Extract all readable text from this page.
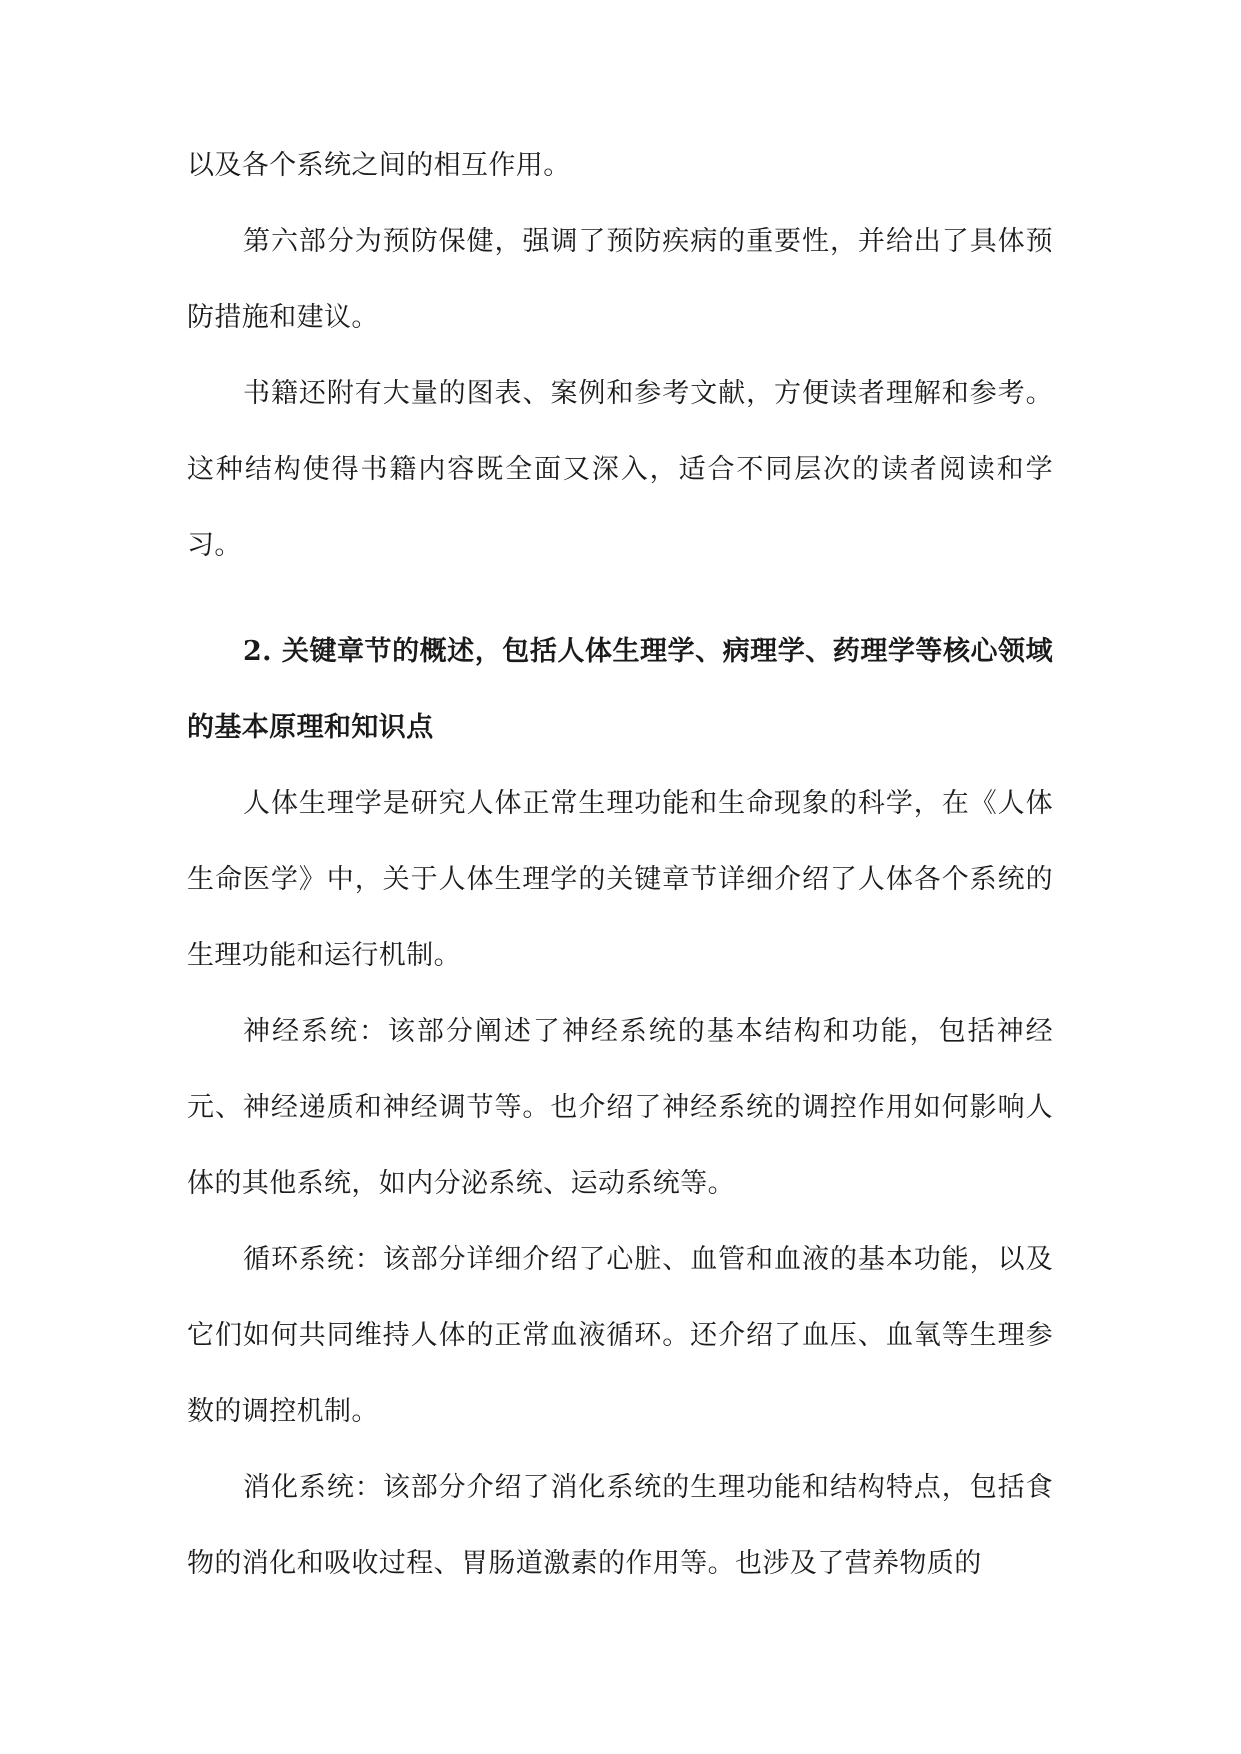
以及各个系统之间的相互作用。

第六部分为预防保健，强调了预防疾病的重要性，并给出了具体预防措施和建议。

书籍还附有大量的图表、案例和参考文献，方便读者理解和参考。这种结构使得书籍内容既全面又深入，适合不同层次的读者阅读和学习。

2. 关键章节的概述，包括人体生理学、病理学、药理学等核心领域的基本原理和知识点

人体生理学是研究人体正常生理功能和生命现象的科学，在《人体生命医学》中，关于人体生理学的关键章节详细介绍了人体各个系统的生理功能和运行机制。

神经系统：该部分阐述了神经系统的基本结构和功能，包括神经元、神经递质和神经调节等。也介绍了神经系统的调控作用如何影响人体的其他系统，如内分泌系统、运动系统等。

循环系统：该部分详细介绍了心脏、血管和血液的基本功能，以及它们如何共同维持人体的正常血液循环。还介绍了血压、血氧等生理参数的调控机制。

消化系统：该部分介绍了消化系统的生理功能和结构特点，包括食物的消化和吸收过程、胃肠道激素的作用等。也涉及了营养物质的
